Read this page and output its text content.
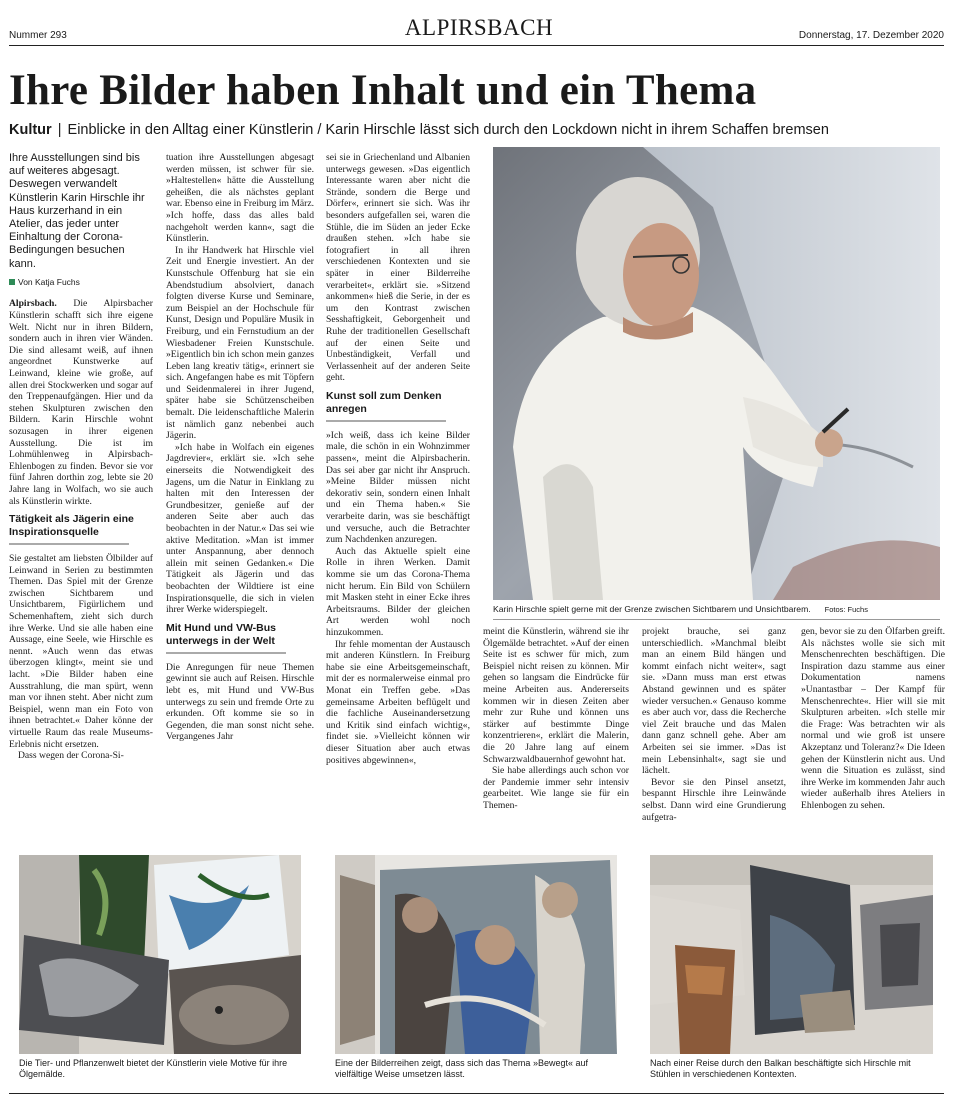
Nummer 293	ALPIRSBACH	Donnerstag, 17. Dezember 2020
Ihre Bilder haben Inhalt und ein Thema
Kultur | Einblicke in den Alltag einer Künstlerin / Karin Hirschle lässt sich durch den Lockdown nicht in ihrem Schaffen bremsen
Ihre Ausstellungen sind bis auf weiteres abgesagt. Deswegen verwandelt Künstlerin Karin Hirschle ihr Haus kurzerhand in ein Atelier, das jeder unter Einhaltung der Corona-Bedingungen besuchen kann.
Von Katja Fuchs

Alpirsbach. Die Alpirsbacher Künstlerin schafft sich ihre eigene Welt. Nicht nur in ihren Bildern, sondern auch in ihren vier Wänden. Die sind allesamt weiß, auf ihnen angeordnet Kunstwerke auf Leinwand, kleine wie große, auf allen drei Stockwerken und sogar auf den Treppenaufgängen. Hier und da stehen Skulpturen zwischen den Bildern. Karin Hirschle wohnt sozusagen in ihrer eigenen Ausstellung. Die ist im Lohmühlenweg in Alpirsbach-Ehlenbogen zu finden. Bevor sie vor fünf Jahren dorthin zog, lebte sie 20 Jahre lang in Wolfach, wo sie auch als Künstlerin wirkte.

Tätigkeit als Jägerin eine Inspirationsquelle

Sie gestaltet am liebsten Ölbilder auf Leinwand in Serien zu bestimmten Themen. Das Spiel mit der Grenze zwischen Sichtbarem und Unsichtbarem, Figürlichem und Schemenhaftem, zieht sich durch ihre Werke. Und sie alle haben eine Aussage, eine Seele, wie Hirschle es nennt. »Auch wenn das etwas überzogen klingt«, meint sie und lacht. »Die Bilder haben eine Ausstrahlung, die man spürt, wenn man vor ihnen steht. Aber nicht zum Beispiel, wenn man ein Foto von ihnen betrachtet.« Daher könne der virtuelle Raum das reale Museums-Erlebnis nicht ersetzen.

Dass wegen der Corona-Si-

tuation ihre Ausstellungen abgesagt werden müssen, ist schwer für sie. »Haltestellen« hätte die Ausstellung geheißen, die als nächstes geplant war. Ebenso eine in Freiburg im März. »Ich hoffe, dass das alles bald nachgeholt werden kann«, sagt die Künstlerin.

In ihr Handwerk hat Hirschle viel Zeit und Energie investiert. An der Kunstschule Offenburg hat sie ein Abendstudium absolviert, danach folgten diverse Kurse und Seminare, zum Beispiel an der Hochschule für Kunst, Design und Populäre Musik in Freiburg, und ein Fernstudium an der Wiesbadener Freien Kunstschule. »Eigentlich bin ich schon mein ganzes Leben lang kreativ tätig«, erinnert sie sich. Angefangen habe es mit Töpfern und Seidenmalerei in ihrer Jugend, später habe sie Schützenscheiben bemalt. Die leidenschaftliche Malerin ist nämlich ganz nebenbei auch Jägerin.

»Ich habe in Wolfach ein eigenes Jagdrevier«, erklärt sie. »Ich sehe einerseits die Notwendigkeit des Jagens, um die Natur in Einklang zu halten mit den Interessen der Grundbesitzer, genieße auf der anderen Seite aber auch das beobachten in der Natur.« Das sei wie aktive Meditation. »Man ist immer unter Anspannung, aber dennoch allein mit seinen Gedanken.« Die Tätigkeit als Jägerin und das beobachten der Wildtiere ist eine Inspirationsquelle, die sich in vielen ihrer Werke widerspiegelt.

Mit Hund und VW-Bus unterwegs in der Welt

Die Anregungen für neue Themen gewinnt sie auch auf Reisen. Hirschle lebt es, mit Hund und VW-Bus unterwegs zu sein und fremde Orte zu erkunden. Oft komme sie so in Gegenden, die man sonst nicht sehe. Vergangenes Jahr

sei sie in Griechenland und Albanien unterwegs gewesen. »Das eigentlich Interessante waren aber nicht die Strände, sondern die Berge und Dörfer«, erinnert sie sich. Was ihr besonders aufgefallen sei, waren die Stühle, die im Süden an jeder Ecke draußen stehen. »Ich habe sie fotografiert in all ihren verschiedenen Kontexten und sie später in einer Bilderreihe verarbeitet«, erklärt sie. »Sitzend ankommen« hieß die Serie, in der es um den Kontrast zwischen Sesshaftigkeit, Geborgenheit und Ruhe der traditionellen Gesellschaft auf der einen Seite und Unbeständigkeit, Verfall und Verlassenheit auf der anderen Seite geht.

Kunst soll zum Denken anregen

»Ich weiß, dass ich keine Bilder male, die schön in ein Wohnzimmer passen«, meint die Alpirsbacherin. Das sei aber gar nicht ihr Anspruch. »Meine Bilder müssen nicht dekorativ sein, sondern einen Inhalt und ein Thema haben.« Sie verarbeite darin, was sie beschäftigt und versuche, auch die Betrachter zum Nachdenken anzuregen.

Auch das Aktuelle spielt eine Rolle in ihren Werken. Damit komme sie um das Corona-Thema nicht herum. Ein Bild von Schülern mit Masken steht in einer Ecke ihres Arbeitsraums. Bilder der gleichen Art werden wohl noch hinzukommen.

Ihr fehle momentan der Austausch mit anderen Künstlern. In Freiburg habe sie eine Arbeitsgemeinschaft, mit der es normalerweise einmal pro Monat ein Treffen gebe. »Das gemeinsame Arbeiten beflügelt und die fachliche Auseinandersetzung und Kritik sind einfach wichtig«, findet sie. »Vielleicht können wir dieser Situation aber auch etwas positives abgewinnen«,

Karin Hirschle spielt gerne mit der Grenze zwischen Sichtbarem und Unsichtbarem. Fotos: Fuchs

meint die Künstlerin, während sie ihr Ölgemälde betrachtet. »Auf der einen Seite ist es schwer für mich, zum Beispiel nicht reisen zu können. Mir gehen so langsam die Eindrücke für meine Arbeiten aus. Andererseits kommen wir in diesen Zeiten aber mehr zur Ruhe und können uns stärker auf bestimmte Dinge konzentrieren«, erklärt die Malerin, die 20 Jahre lang auf einem Schwarzwaldbauernhof gewohnt hat.

Sie habe allerdings auch schon vor der Pandemie immer sehr intensiv gearbeitet. Wie lange sie für ein Themen-

projekt brauche, sei ganz unterschiedlich. »Manchmal bleibt man an einem Bild hängen und kommt einfach nicht weiter«, sagt sie. »Dann muss man erst etwas Abstand gewinnen und es später wieder versuchen.« Genauso komme es aber auch vor, dass die Recherche viel Zeit brauche und das Malen dann ganz schnell gehe. Aber am Arbeiten sei sie immer. »Das ist mein Lebensinhalt«, sagt sie und lächelt.

Bevor sie den Pinsel ansetzt, bespannt Hirschle ihre Leinwände selbst. Dann wird eine Grundierung aufgetra-

gen, bevor sie zu den Ölfarben greift. Als nächstes wolle sie sich mit Menschenrechten beschäftigen. Die Inspiration dazu stamme aus einer Dokumentation namens »Unantastbar – Der Kampf für Menschenrechte«. Hier will sie mit Skulpturen arbeiten. »Ich stelle mir die Frage: Was betrachten wir als normal und wie groß ist unsere Akzeptanz und Toleranz?« Die Ideen gehen der Künstlerin nicht aus. Und wenn die Situation es zulässt, sind ihre Werke im kommenden Jahr auch wieder außerhalb ihres Ateliers in Ehlenbogen zu sehen.

Die Tier- und Pflanzenwelt bietet der Künstlerin viele Motive für ihre Ölgemälde.
Eine der Bilderreihen zeigt, dass sich das Thema »Bewegt« auf vielfältige Weise umsetzen lässt.
Nach einer Reise durch den Balkan beschäftigte sich Hirschle mit Stühlen in verschiedenen Kontexten.
